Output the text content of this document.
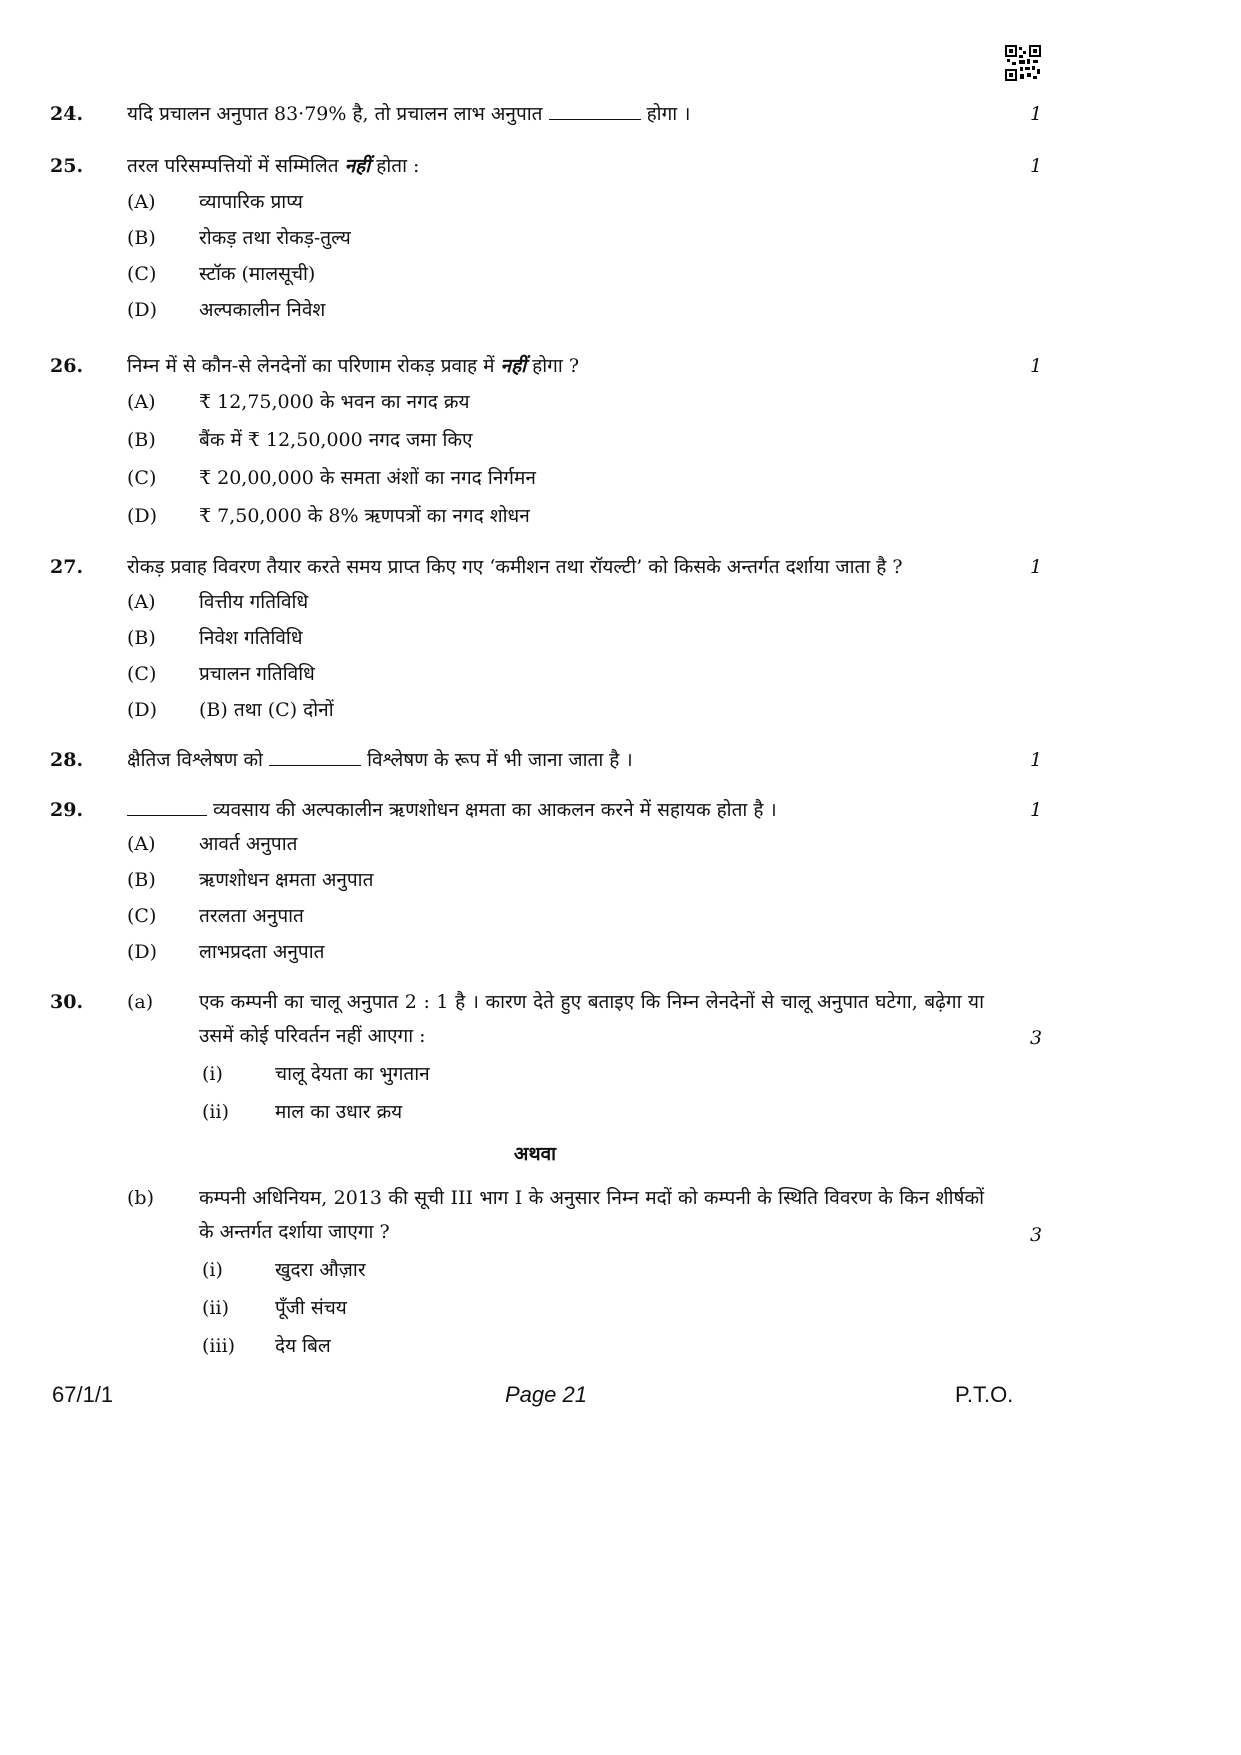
24. यदि प्रचालन अनुपात 83·79% है, तो प्रचालन लाभ अनुपात	होगा ।	1
25. तरल परिसम्पत्तियों में सम्मिलित नहीं होता :	1
(A) व्यापारिक प्राप्य
(B) रोकड़ तथा रोकड़-तुल्य
(C) स्टॉक (मालसूची)
(D) अल्पकालीन निवेश
26. निम्न में से कौन-से लेनदेनों का परिणाम रोकड़ प्रवाह में नहीं होगा ?	1
(A) ₹ 12,75,000 के भवन का नगद क्रय
(B) बैंक में ₹ 12,50,000 नगद जमा किए
(C) ₹ 20,00,000 के समता अंशों का नगद निर्गमन
(D) ₹ 7,50,000 के 8% ऋणपत्रों का नगद शोधन
27. रोकड़ प्रवाह विवरण तैयार करते समय प्राप्त किए गए ‘कमीशन तथा रॉयल्टी’ को किसके अन्तर्गत दर्शाया जाता है ?	1
(A) वित्तीय गतिविधि
(B) निवेश गतिविधि
(C) प्रचालन गतिविधि
(D) (B) तथा (C) दोनों
28. क्षैतिज विश्लेषण को	विश्लेषण के रूप में भी जाना जाता है ।	1
29.	व्यवसाय की अल्पकालीन ऋणशोधन क्षमता का आकलन करने में सहायक होता है ।	1
(A) आवर्त अनुपात
(B) ऋणशोधन क्षमता अनुपात
(C) तरलता अनुपात
(D) लाभप्रदता अनुपात
30. (a) एक कम्पनी का चालू अनुपात 2 : 1 है । कारण देते हुए बताइए कि निम्न लेनदेनों से चालू अनुपात घटेगा, बढ़ेगा या उसमें कोई परिवर्तन नहीं आएगा :	3
(i)	चालू देयता का भुगतान
(ii) माल का उधार क्रय
अथवा
(b) कम्पनी अधिनियम, 2013 की सूची III भाग I के अनुसार निम्न मदों को कम्पनी के स्थिति विवरण के किन शीर्षकों के अन्तर्गत दर्शाया जाएगा ?	3
(i)	खुदरा औज़ार
(ii) पूँजी संचय
(iii) देय बिल
67/1/1	Page 21	P.T.O.
